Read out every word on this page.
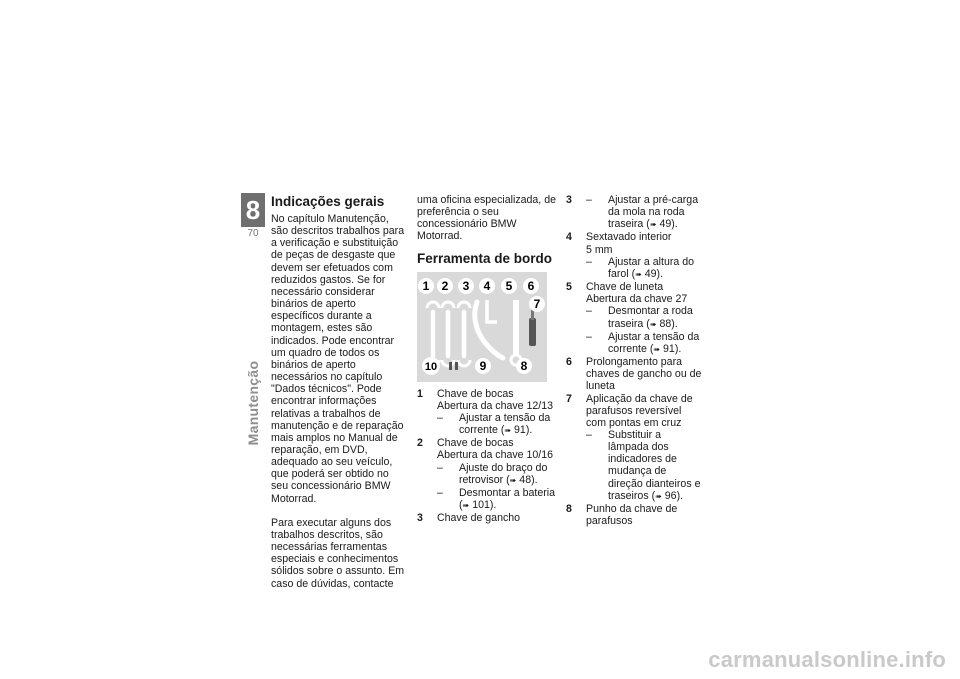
8
70
Manutenção
Indicações gerais

No capítulo Manutenção, são descritos trabalhos para a verificação e substituição de peças de desgaste que devem ser efetuados com reduzidos gastos. Se for necessário considerar binários de aperto específicos durante a montagem, estes são indicados. Pode encontrar um quadro de todos os binários de aperto necessários no capítulo "Dados técnicos". Pode encontrar informações relativas a trabalhos de manutenção e de reparação mais amplos no Manual de reparação, em DVD, adequado ao seu veículo, que poderá ser obtido no seu concessionário BMW Motorrad.

Para executar alguns dos trabalhos descritos, são necessárias ferramentas especiais e conhecimentos sólidos sobre o assunto. Em caso de dúvidas, contacte

uma oficina especializada, de preferência o seu concessionário BMW Motorrad.

Ferramenta de bordo
1 2 3 4 5 6
7
8
9
10
1 Chave de bocas
Abertura da chave 12/13
– Ajustar a tensão da corrente (➠ 91).
2 Chave de bocas
Abertura da chave 10/16
– Ajuste do braço do retrovisor (➠ 48).
– Desmontar a bateria (➠ 101).
3 Chave de gancho
3 – Ajustar a pré-carga da mola na roda traseira (➠ 49).
4 Sextavado interior
5 mm
– Ajustar a altura do farol (➠ 49).
5 Chave de luneta
Abertura da chave 27
– Desmontar a roda traseira (➠ 88).
– Ajustar a tensão da corrente (➠ 91).
6 Prolongamento para chaves de gancho ou de luneta
7 Aplicação da chave de parafusos reversível
com pontas em cruz
– Substituir a lâmpada dos indicadores de mudança de direção dianteiros e traseiros (➠ 96).
8 Punho da chave de parafusos
carmanualsonline.info
